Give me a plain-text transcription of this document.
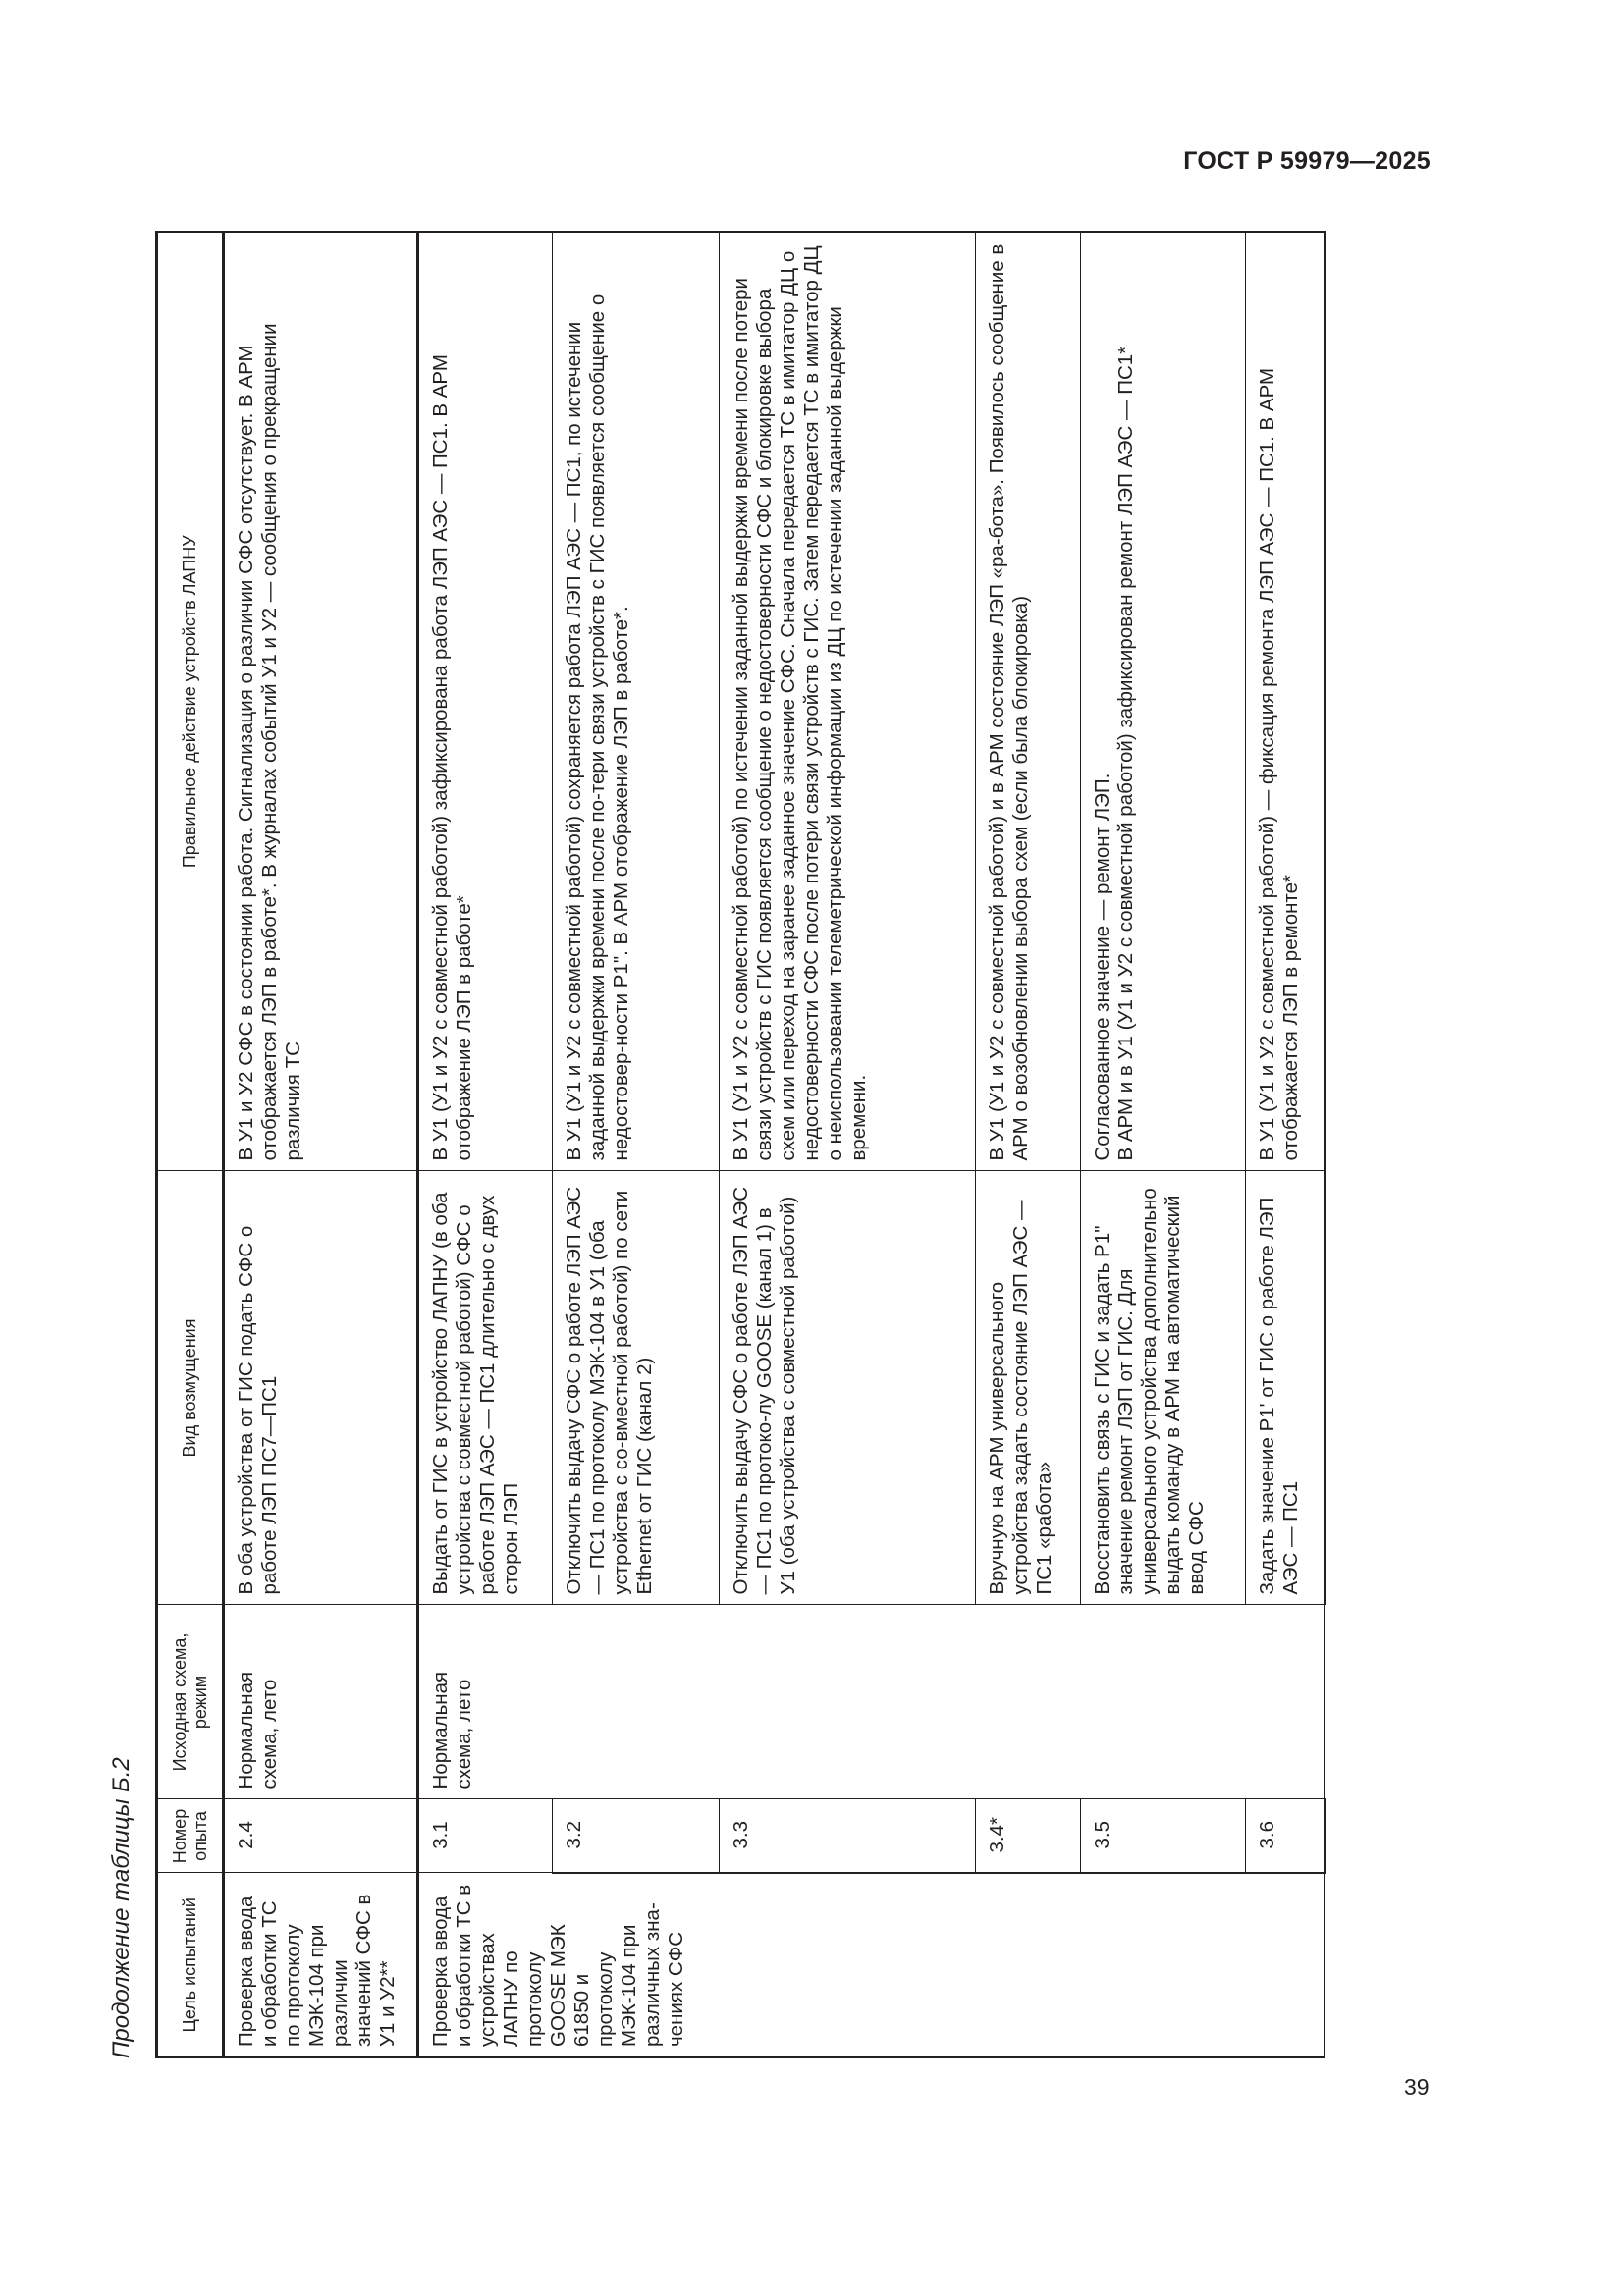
ГОСТ Р 59979—2025
Продолжение таблицы Б.2	Цель испытаний	Номер опыта	Исходная схема, режим	Вид возмущения	Правильное действие устройств ЛАПНУ
Проверка ввода и обработки ТС по протоколу МЭК-104 при различии значений СФС в У1 и У2**	2.4	Нормальная схема, лето	В оба устройства от ГИС подать СФС о работе ЛЭП ПС7—ПС1	В У1 и У2 СФС в состоянии работа. Сигнализация о различии СФС отсутствует. В АРМ отображается ЛЭП в работе*. В журналах событий У1 и У2 — сообщения о прекращении различия ТС
Проверка ввода и обработки ТС в устройствах ЛАПНУ по протоколу GOOSE МЭК 61850 и протоколу МЭК-104 при различных зна-чениях СФС	3.1	Нормальная схема, лето	Выдать от ГИС в устройство ЛАПНУ (в оба устройства с совместной работой) СФС о работе ЛЭП АЭС — ПС1 длительно с двух сторон ЛЭП	В У1 (У1 и У2 с совместной работой) зафиксирована работа ЛЭП АЭС — ПС1. В АРМ отображение ЛЭП в работе*
	3.2		Отключить выдачу СФС о работе ЛЭП АЭС — ПС1 по протоколу МЭК-104 в У1 (оба устройства с со-вместной работой) по сети Ethernet от ГИС (канал 2)	В У1 (У1 и У2 с совместной работой) сохраняется работа ЛЭП АЭС — ПС1, по истечении заданной выдержки времени после по-тери связи устройств с ГИС появляется сообщение о недостовер-ности Р1". В АРМ отображение ЛЭП в работе*.
	3.3		Отключить выдачу СФС о работе ЛЭП АЭС — ПС1 по протоко-лу GOOSE (канал 1) в У1 (оба устройства с совместной работой)	В У1 (У1 и У2 с совместной работой) по истечении заданной выдержки времени после потери связи устройств с ГИС появляется сообщение о недостоверности СФС и блокировке выбора схем или переход на заранее заданное значение СФС. Сначала передается ТС в имитатор ДЦ о недостоверности СФС после потери связи устройств с ГИС. Затем передается ТС в имитатор ДЦ о неиспользовании телеметрической информации из ДЦ по истечении заданной выдержки времени.
	3.4*		Вручную на АРМ универсального устройства задать состояние ЛЭП АЭС — ПС1 «работа»	В У1 (У1 и У2 с совместной работой) и в АРМ состояние ЛЭП «ра-бота». Появилось сообщение в АРМ о возобновлении выбора схем (если была блокировка)
	3.5		Восстановить связь с ГИС и задать Р1" значение ремонт ЛЭП от ГИС. Для универсального устройства дополнительно выдать команду в АРМ на автоматический ввод СФС	Согласованное значение — ремонт ЛЭП.
В АРМ и в У1 (У1 и У2 с совместной работой) зафиксирован ремонт ЛЭП АЭС — ПС1*
	3.6		Задать значение Р1' от ГИС о работе ЛЭП АЭС — ПС1	В У1 (У1 и У2 с совместной работой) — фиксация ремонта ЛЭП АЭС — ПС1. В АРМ отображается ЛЭП в ремонте*
39
